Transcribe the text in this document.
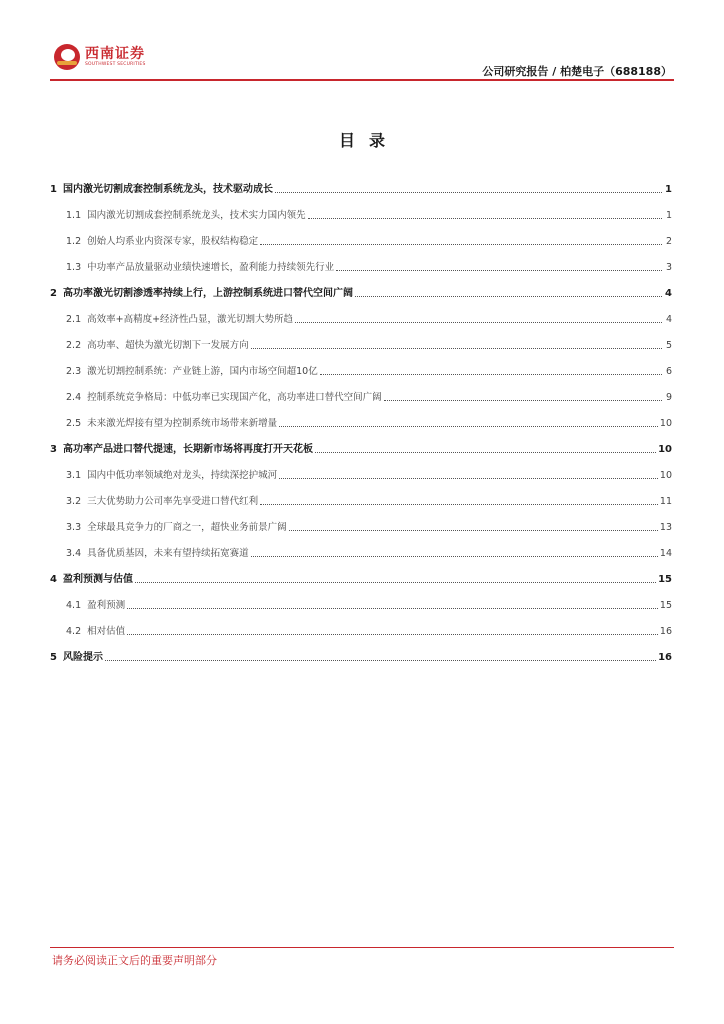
西南证券
SOUTHWEST SECURITIES
公司研究报告 / 柏楚电子（688188）
目录
1 国内激光切割成套控制系统龙头，技术驱动成长	1
1.1 国内激光切割成套控制系统龙头，技术实力国内领先	1
1.2 创始人均系业内资深专家，股权结构稳定	2
1.3 中功率产品放量驱动业绩快速增长，盈利能力持续领先行业	3
2 高功率激光切割渗透率持续上行，上游控制系统进口替代空间广阔	4
2.1 高效率+高精度+经济性凸显，激光切割大势所趋	4
2.2 高功率、超快为激光切割下一发展方向	5
2.3 激光切割控制系统：产业链上游，国内市场空间超10亿	6
2.4 控制系统竞争格局：中低功率已实现国产化，高功率进口替代空间广阔	9
2.5 未来激光焊接有望为控制系统市场带来新增量	10
3 高功率产品进口替代提速，长期新市场将再度打开天花板	10
3.1 国内中低功率领域绝对龙头，持续深挖护城河	10
3.2 三大优势助力公司率先享受进口替代红利	11
3.3 全球最具竞争力的厂商之一，超快业务前景广阔	13
3.4 具备优质基因，未来有望持续拓宽赛道	14
4 盈利预测与估值	15
4.1 盈利预测	15
4.2 相对估值	16
5 风险提示	16
请务必阅读正文后的重要声明部分
